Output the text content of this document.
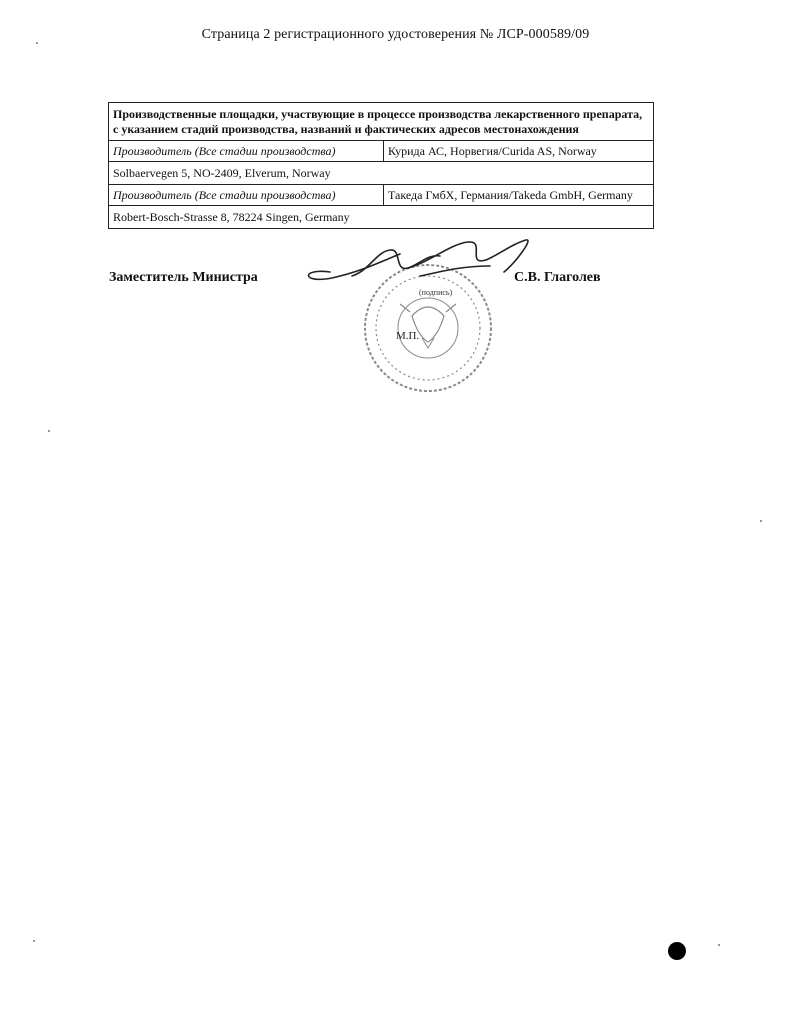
Страница 2 регистрационного удостоверения № ЛСР-000589/09
Производственные площадки, участвующие в процессе производства лекарственного препарата, с указанием стадий производства, названий и фактических адресов местонахождения	
Производитель (Все стадии производства)	Курида АС, Норвегия/Curida AS, Norway
Solbaervegen 5, NO-2409, Elverum, Norway	
Производитель (Все стадии производства)	Такеда ГмбХ, Германия/Takeda GmbH, Germany
Robert-Bosch-Strasse 8, 78224 Singen, Germany	
Заместитель Министра
(подпись)
М.П.
С.В. Глаголев
